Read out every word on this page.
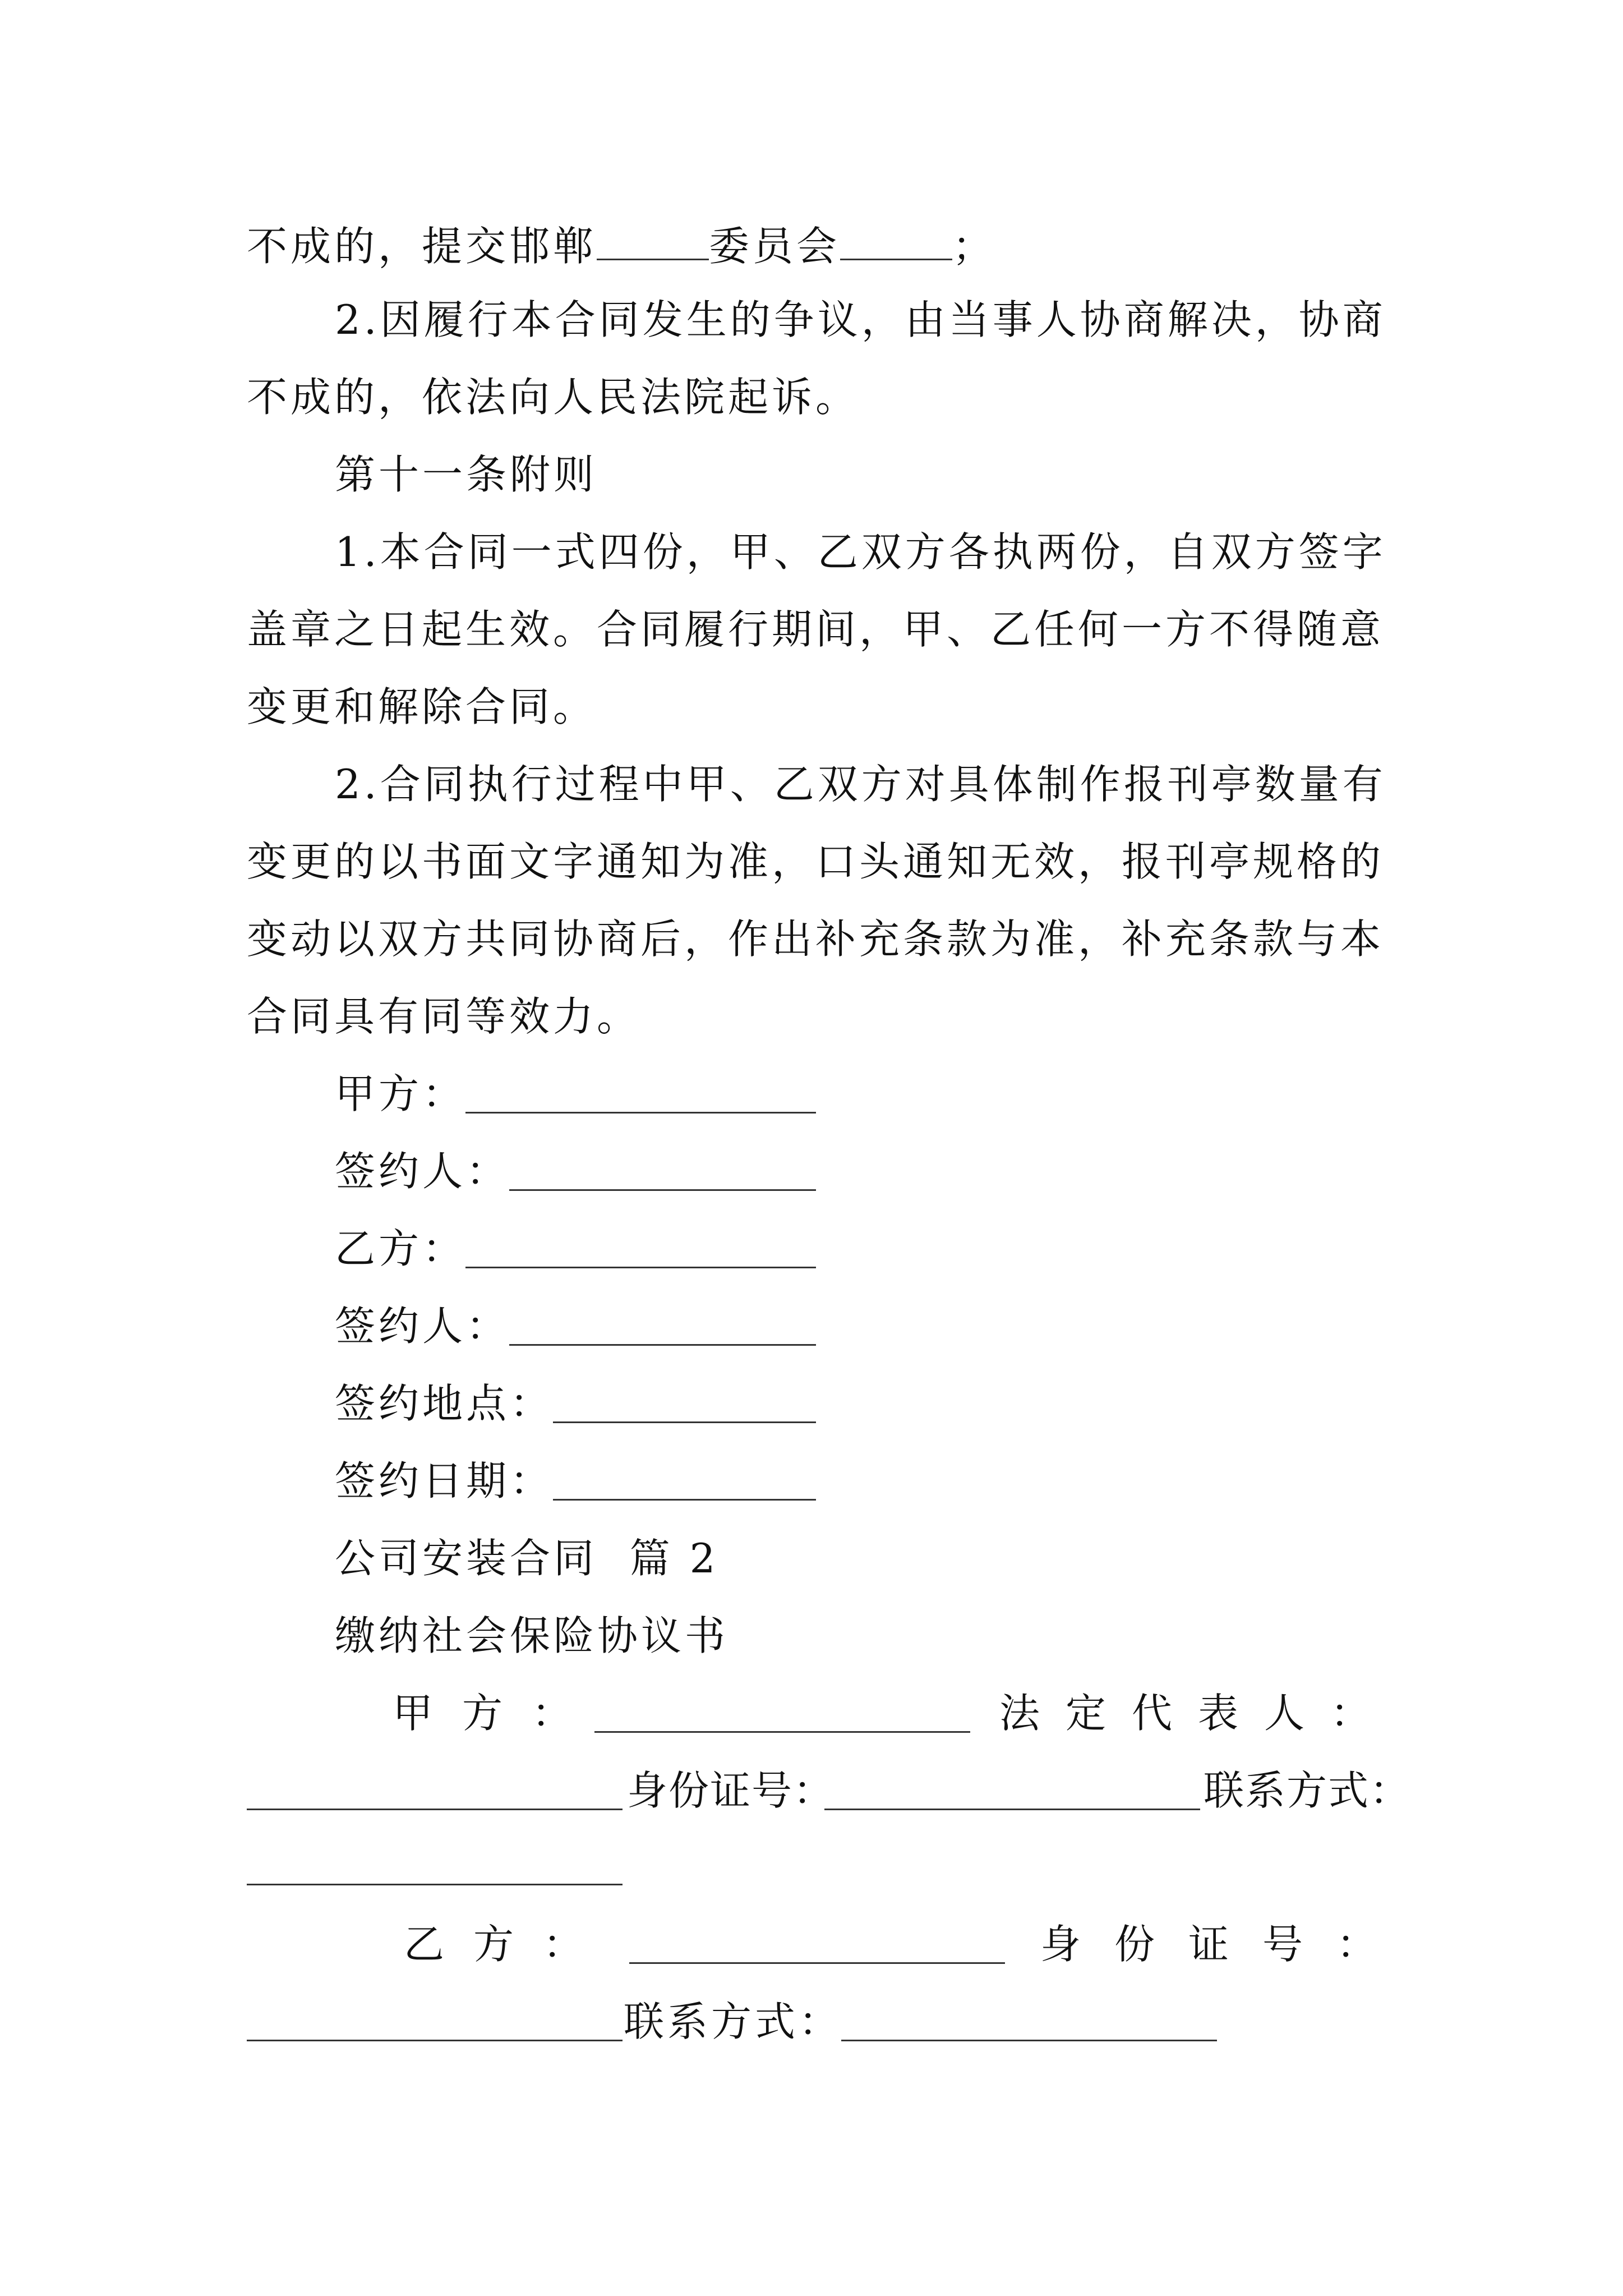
不成的，提交邯郸	委员会	；
2.因履行本合同发生的争议，由当事人协商解决，协商
不成的，依法向人民法院起诉。
第十一条附则
1.本合同一式四份，甲、乙双方各执两份，自双方签字
盖章之日起生效。合同履行期间，甲、乙任何一方不得随意
变更和解除合同。
2.合同执行过程中甲、乙双方对具体制作报刊亭数量有
变更的以书面文字通知为准，口头通知无效，报刊亭规格的
变动以双方共同协商后，作出补充条款为准，补充条款与本
合同具有同等效力。
甲方：
签约人：
乙方：
签约人：
签约地点：
签约日期：
公司安装合同  篇 2
缴纳社会保险协议书
甲方：	法定代表人：
身份证号：	联系方式：
乙方：	身份证号：
联系方式：
